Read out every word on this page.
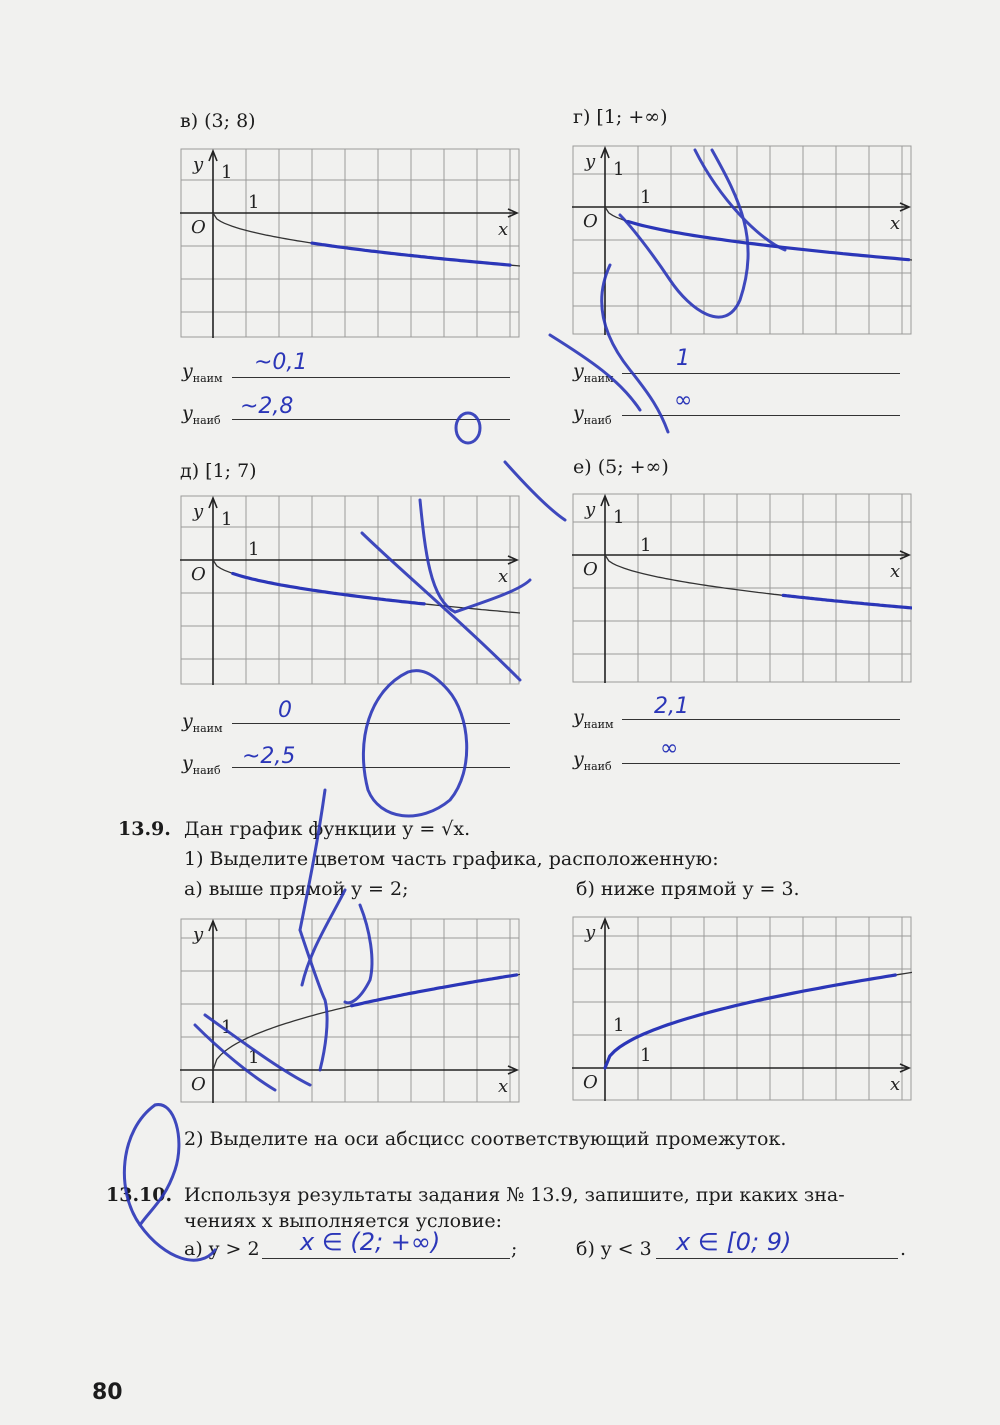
в) (3; 8)
y
x
O
1
1
г) [1; +∞)
y
x
O
1
1
д) [1; 7)
y
x
O
1
1
е) (5; +∞)
y
x
O
1
1
$y_{наим}$
~0,1
$y_{наиб}$
~2,8
$y_{наим}$
1
$y_{наиб}$
∞
$y_{наим}$
0
$y_{наиб}$
~2,5
$y_{наим}$
2,1
$y_{наиб}$
∞
13.9. Дан график функции y = √x.
1) Выделите цветом часть графика, расположенную:
а) выше прямой y = 2;	б) ниже прямой y = 3.
y
x
O
1
1
y
x
O
1
1
2) Выделите на оси абсцисс соответствующий промежуток.
13.10. Используя результаты задания № 13.9, запишите, при каких зна-
чениях x выполняется условие:
а) y > 2 x ∈ (2; +∞)	;	б) y < 3 x ∈ [0; 9)	.
80
